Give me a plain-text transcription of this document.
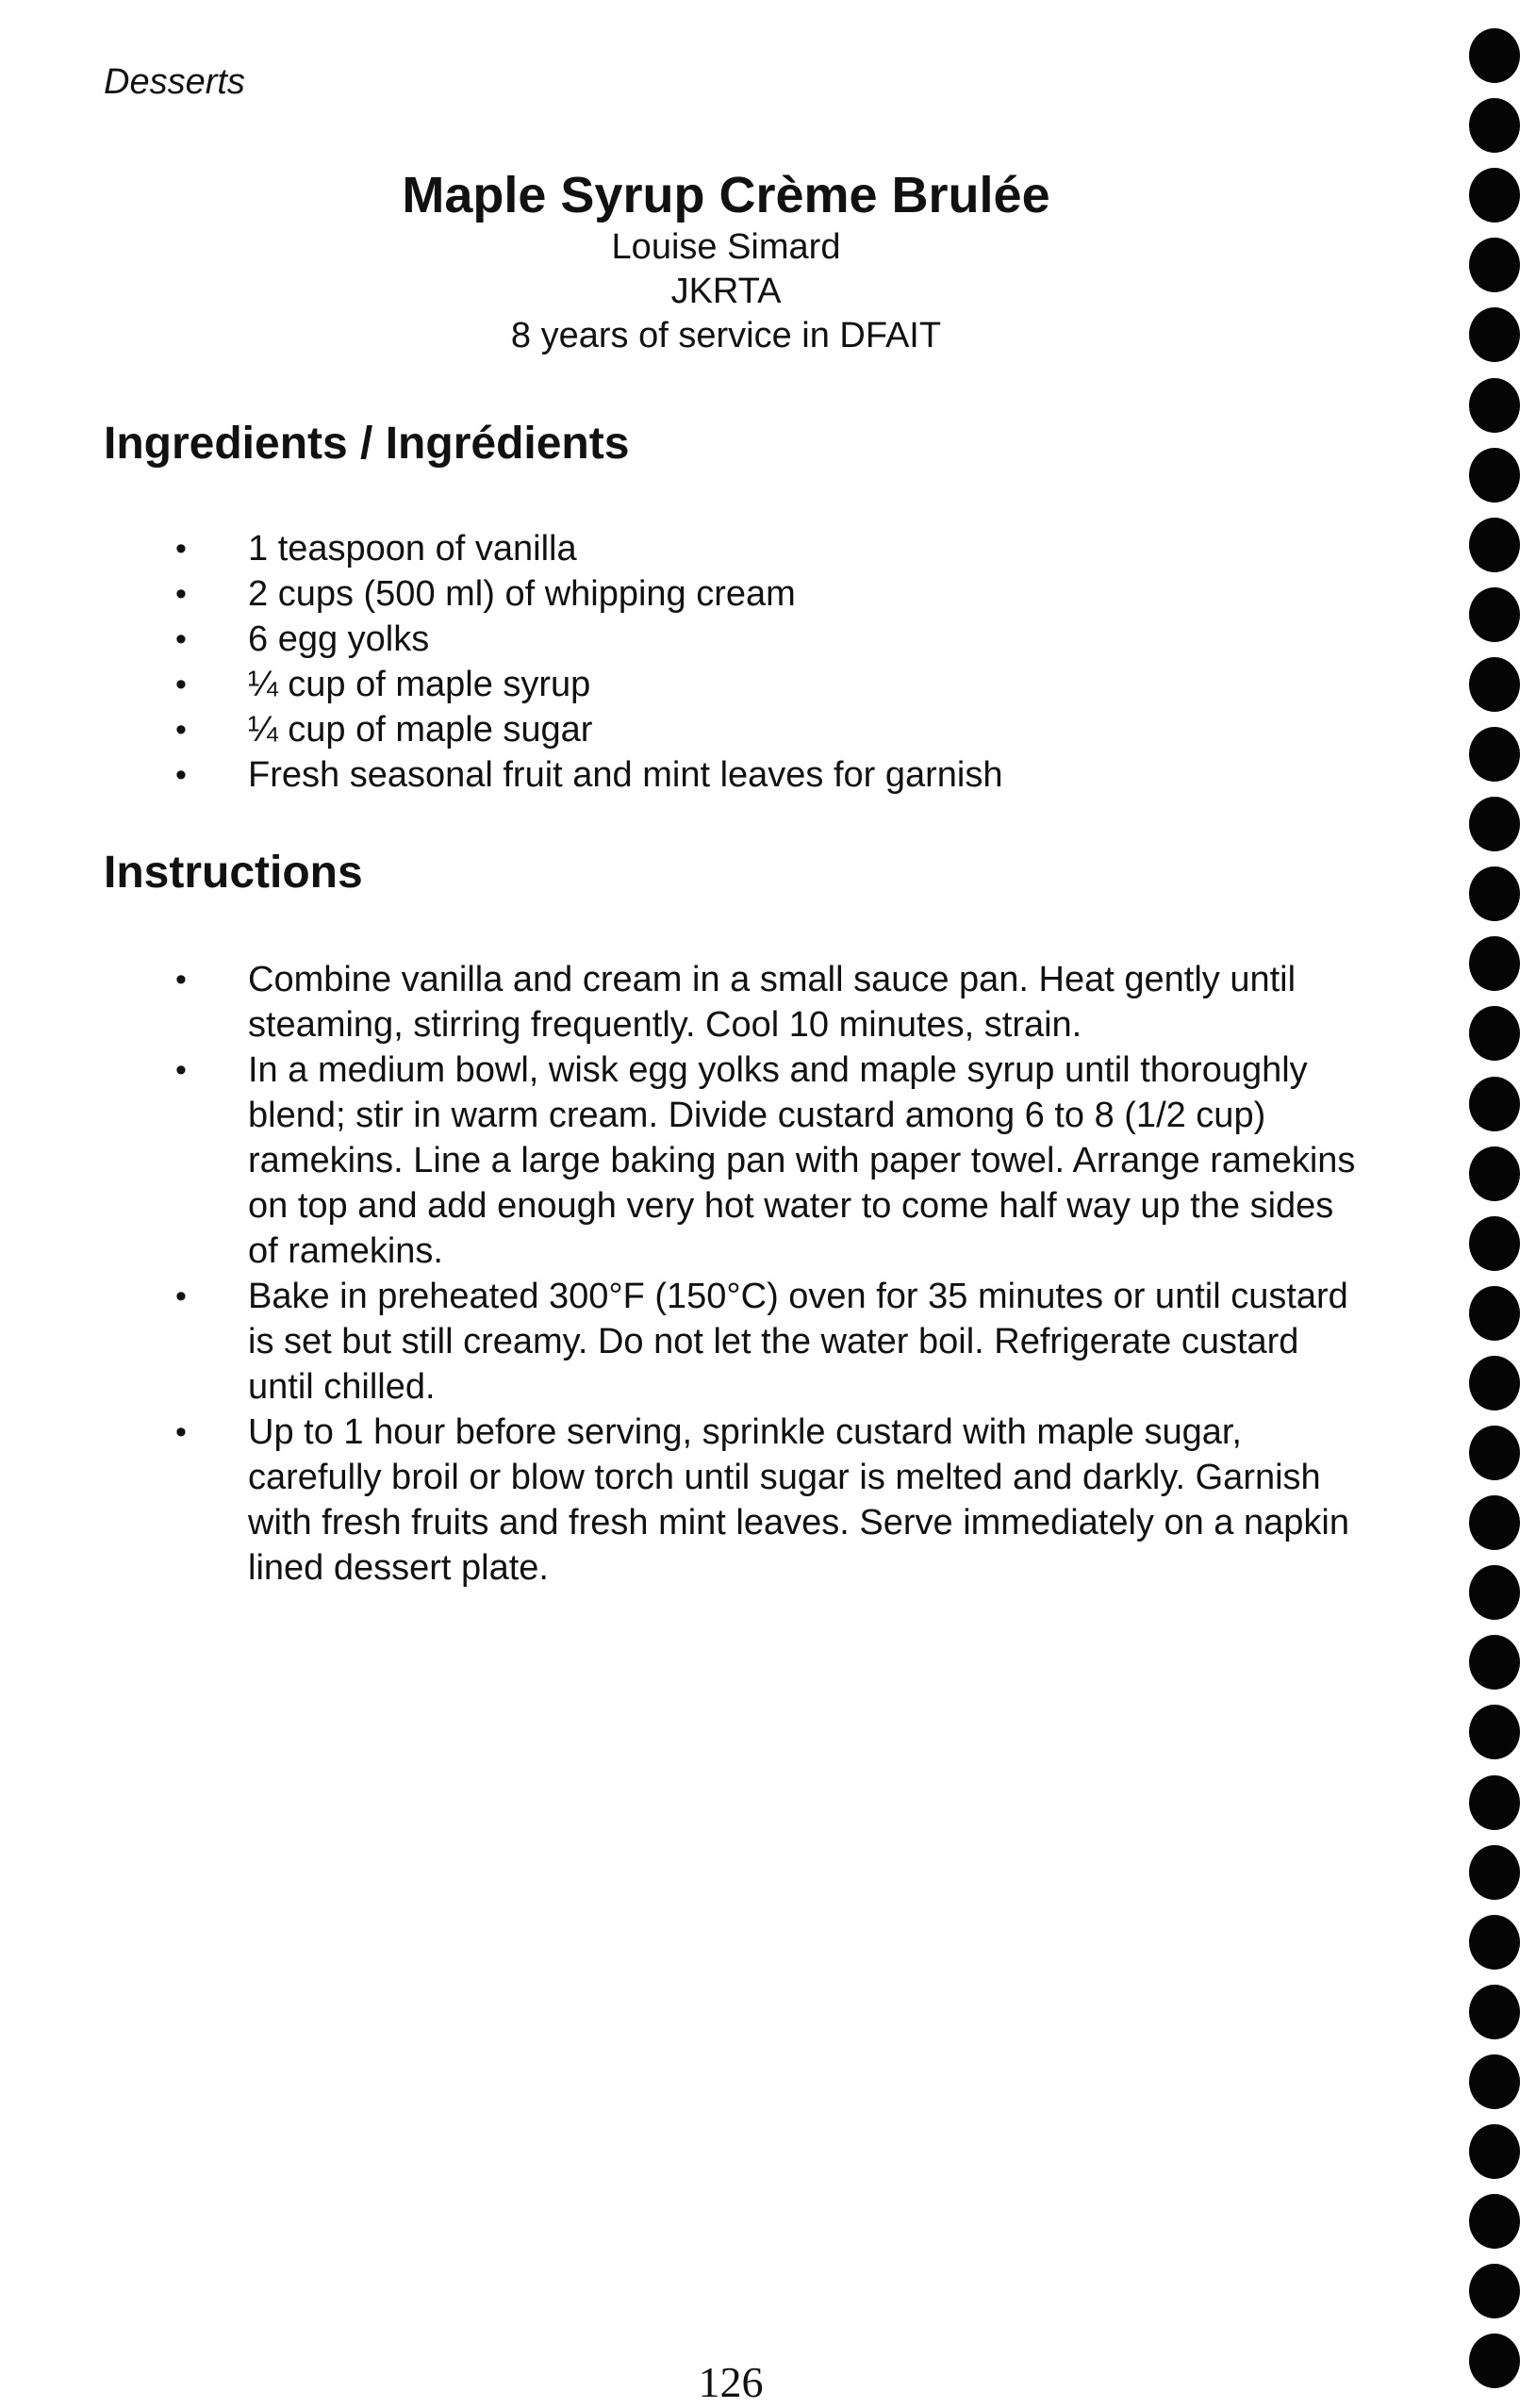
Desserts

Maple Syrup Crème Brulée

Louise Simard

JKRTA

8 years of service in DFAIT

Ingredients / Ingrédients
• 1 teaspoon of vanilla
• 2 cups (500 ml) of whipping cream
• 6 egg yolks
• ¼ cup of maple syrup
• ¼ cup of maple sugar
• Fresh seasonal fruit and mint leaves for garnish
Instructions
• Combine vanilla and cream in a small sauce pan. Heat gently until steaming, stirring frequently. Cool 10 minutes, strain.
• In a medium bowl, wisk egg yolks and maple syrup until thoroughly blend; stir in warm cream. Divide custard among 6 to 8 (1/2 cup) ramekins. Line a large baking pan with paper towel. Arrange ramekins on top and add enough very hot water to come half way up the sides of ramekins.
• Bake in preheated 300°F (150°C) oven for 35 minutes or until custard is set but still creamy. Do not let the water boil. Refrigerate custard until chilled.
• Up to 1 hour before serving, sprinkle custard with maple sugar, carefully broil or blow torch until sugar is melted and darkly. Garnish with fresh fruits and fresh mint leaves. Serve immediately on a napkin lined dessert plate.

126
